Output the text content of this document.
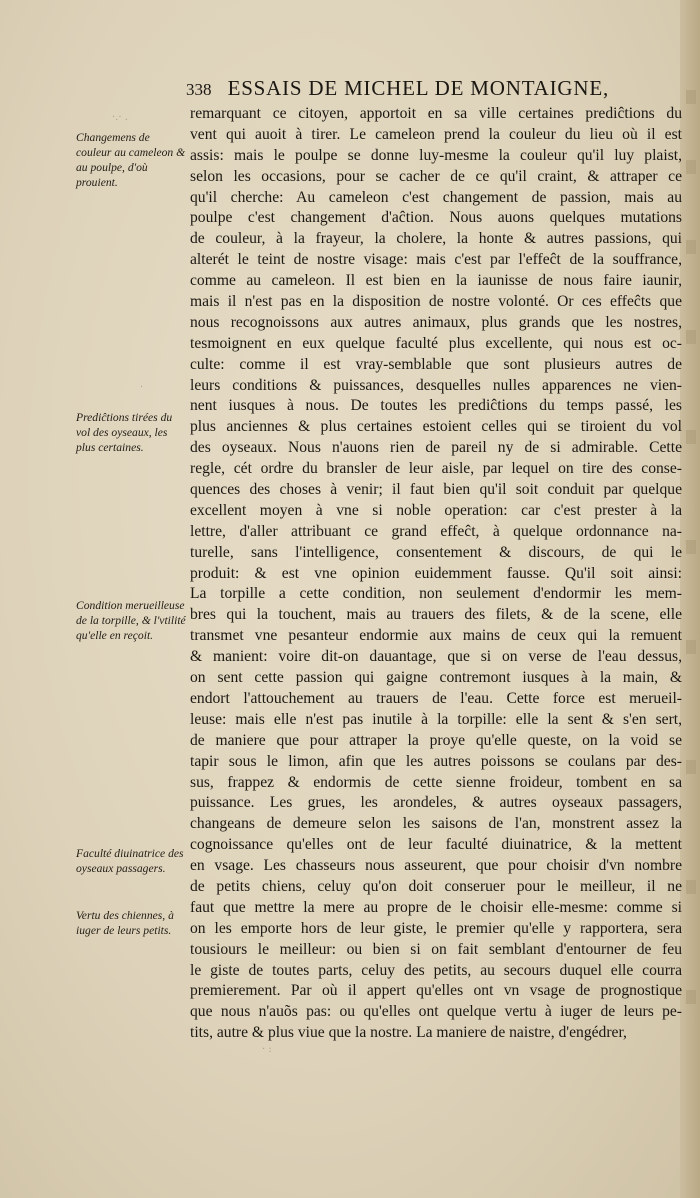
338 ESSAIS DE MICHEL DE MONTAIGNE,
Changemens de couleur au cameleon & au poulpe, d'où prouient.
Prediĉtions tirées du vol des oyseaux, les plus certaines.
Condition merueilleuse de la torpille, & l'vtilité qu'elle en reçoit.
Faculté diuinatrice des oyseaux passagers.
Vertu des chiennes, à iuger de leurs petits.
·.· .
·
· :
remarquant ce citoyen, apportoit en sa ville certaines prediĉtions du
vent qui auoit à tirer. Le cameleon prend la couleur du lieu où il est
assis: mais le poulpe se donne luy-mesme la couleur qu'il luy plaist,
selon les occasions, pour se cacher de ce qu'il craint, & attraper ce
qu'il cherche: Au cameleon c'est changement de passion, mais au
poulpe c'est changement d'aĉtion. Nous auons quelques mutations
de couleur, à la frayeur, la cholere, la honte & autres passions, qui
alterét le teint de nostre visage: mais c'est par l'effeĉt de la souffrance,
comme au cameleon. Il est bien en la iaunisse de nous faire iaunir,
mais il n'est pas en la disposition de nostre volonté. Or ces effeĉts que
nous recognoissons aux autres animaux, plus grands que les nostres,
tesmoignent en eux quelque faculté plus excellente, qui nous est oc-
culte: comme il est vray-semblable que sont plusieurs autres de
leurs conditions & puissances, desquelles nulles apparences ne vien-
nent iusques à nous. De toutes les prediĉtions du temps passé, les
plus anciennes & plus certaines estoient celles qui se tiroient du vol
des oyseaux. Nous n'auons rien de pareil ny de si admirable. Cette
regle, cét ordre du bransler de leur aisle, par lequel on tire des conse-
quences des choses à venir; il faut bien qu'il soit conduit par quelque
excellent moyen à vne si noble operation: car c'est prester à la
lettre, d'aller attribuant ce grand effeĉt, à quelque ordonnance na-
turelle, sans l'intelligence, consentement & discours, de qui le
produit: & est vne opinion euidemment fausse. Qu'il soit ainsi:
La torpille a cette condition, non seulement d'endormir les mem-
bres qui la touchent, mais au trauers des filets, & de la scene, elle
transmet vne pesanteur endormie aux mains de ceux qui la remuent
& manient: voire dit-on dauantage, que si on verse de l'eau dessus,
on sent cette passion qui gaigne contremont iusques à la main, &
endort l'attouchement au trauers de l'eau. Cette force est merueil-
leuse: mais elle n'est pas inutile à la torpille: elle la sent & s'en sert,
de maniere que pour attraper la proye qu'elle queste, on la void se
tapir sous le limon, afin que les autres poissons se coulans par des-
sus, frappez & endormis de cette sienne froideur, tombent en sa
puissance. Les grues, les arondeles, & autres oyseaux passagers,
changeans de demeure selon les saisons de l'an, monstrent assez la
cognoissance qu'elles ont de leur faculté diuinatrice, & la mettent
en vsage. Les chasseurs nous asseurent, que pour choisir d'vn nombre
de petits chiens, celuy qu'on doit conseruer pour le meilleur, il ne
faut que mettre la mere au propre de le choisir elle-mesme: comme si
on les emporte hors de leur giste, le premier qu'elle y rapportera, sera
tousiours le meilleur: ou bien si on fait semblant d'entourner de feu
le giste de toutes parts, celuy des petits, au secours duquel elle courra
premierement. Par où il appert qu'elles ont vn vsage de prognostique
que nous n'auõs pas: ou qu'elles ont quelque vertu à iuger de leurs pe-
tits, autre & plus viue que la nostre. La maniere de naistre, d'engédrer,
